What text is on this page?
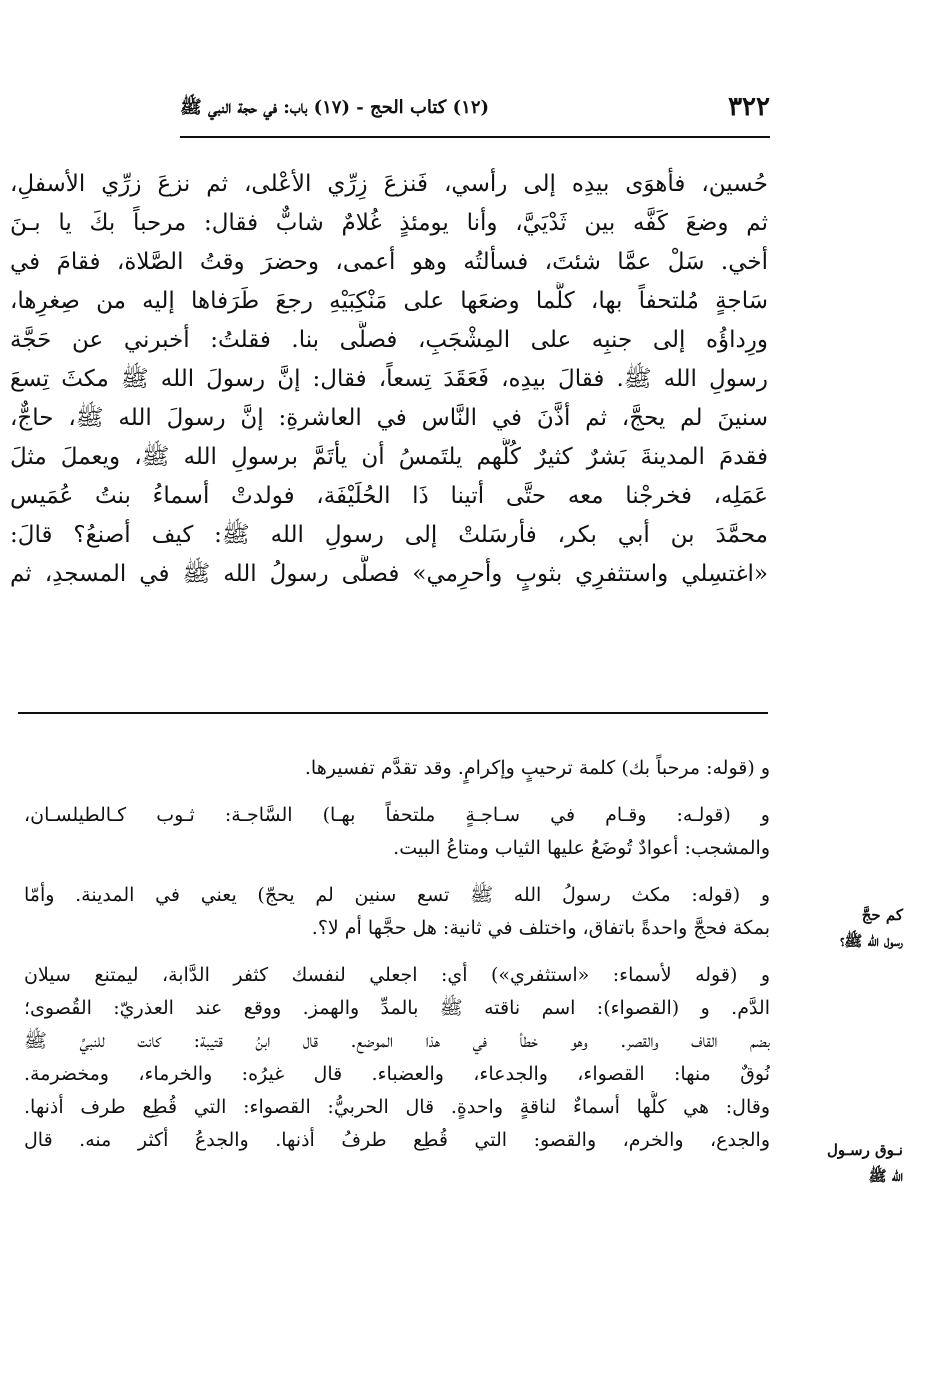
٣٢٢
(١٢) كتاب الحج - (١٧) باب: في حجة النبي ﷺ
حُسين، فأهوَى بيدِه إلى رأسي، فَنزعَ زِرِّي الأعْلى، ثم نزعَ زرِّي الأسفلِ،
ثم وضعَ كَفَّه بين ثَدْيَيَّ، وأنا يومئذٍ غُلامٌ شابٌّ فقال: مرحباً بكَ يا بـنَ
أخي. سَلْ عمَّا شئتَ، فسألتُه وهو أعمى، وحضرَ وقتُ الصَّلاة، فقامَ في
سَاجةٍ مُلتحفاً بها، كلَّما وضعَها على مَنْكِبَيْهِ رجعَ طَرَفاها إليه من صِغرِها،
ورِداؤُه إلى جنبِه على المِشْجَبِ، فصلَّى بنا. فقلتُ: أخبرني عن حَجَّة
رسولِ الله ﷺ. فقالَ بيدِه، فَعَقَدَ تِسعاً، فقال: إنَّ رسولَ الله ﷺ مكثَ تِسعَ
سنينَ لم يحجَّ، ثم أذَّنَ في النَّاس في العاشرةِ: إنَّ رسولَ الله ﷺ، حاجٌّ،
فقدمَ المدينةَ بَشرٌ كثيرٌ كُلُّهم يلتَمسُ أن يأتَمَّ برسولِ الله ﷺ، ويعملَ مثلَ
عَمَلِه، فخرجْنا معه حتَّى أتينا ذَا الحُلَيْفَة، فولدتْ أسماءُ بنتُ عُمَيس
محمَّدَ بن أبي بكر، فأرسَلتْ إلى رسولِ الله ﷺ: كيف أصنعُ؟ قالَ:
«اغتسِلي واستثفرِي بثوبٍ وأحرِمي» فصلَّى رسولُ الله ﷺ في المسجدِ، ثم
و (قوله: مرحباً بك) كلمة ترحيبٍ وإكرامٍ. وقد تقدَّم تفسيرها.
و (قولـه: وقـام في سـاجـةٍ ملتحفاً بهـا) السَّاجـة: ثـوب كـالطيلسـان،
والمشجب: أعوادٌ تُوضَعُ عليها الثياب ومتاعُ البيت.
و (قوله: مكث رسولُ الله ﷺ تسع سنين لم يحجّ) يعني في المدينة. وأمّا
بمكة فحجَّ واحدةً باتفاق، واختلف في ثانية: هل حجَّها أم لا؟.
و (قوله لأسماء: «استثفري») أي: اجعلي لنفسك كثفر الدَّابة، ليمتنع سيلان
الدَّم. و (القصواء): اسم ناقته ﷺ بالمدِّ والهمز. ووقع عند العذريّ: القُصوى؛
بضم القاف والقصر. وهو خطأ في هذا الموضع. قال ابنُ قتيبة: كانت للنبيِّ ﷺ
نُوقٌ منها: القصواء، والجدعاء، والعضباء. قال غيرُه: والخرماء، ومخضرمة.
وقال: هي كلُّها أسماءٌ لناقةٍ واحدةٍ. قال الحربيُّ: القصواء: التي قُطِع طرف أذنها.
والجدع، والخرم، والقصو: التي قُطِع طرفُ أذنها. والجدعُ أكثر منه. قال
كم حجَّ
رسول الله ﷺ؟
نـوق رسـول
الله ﷺ
